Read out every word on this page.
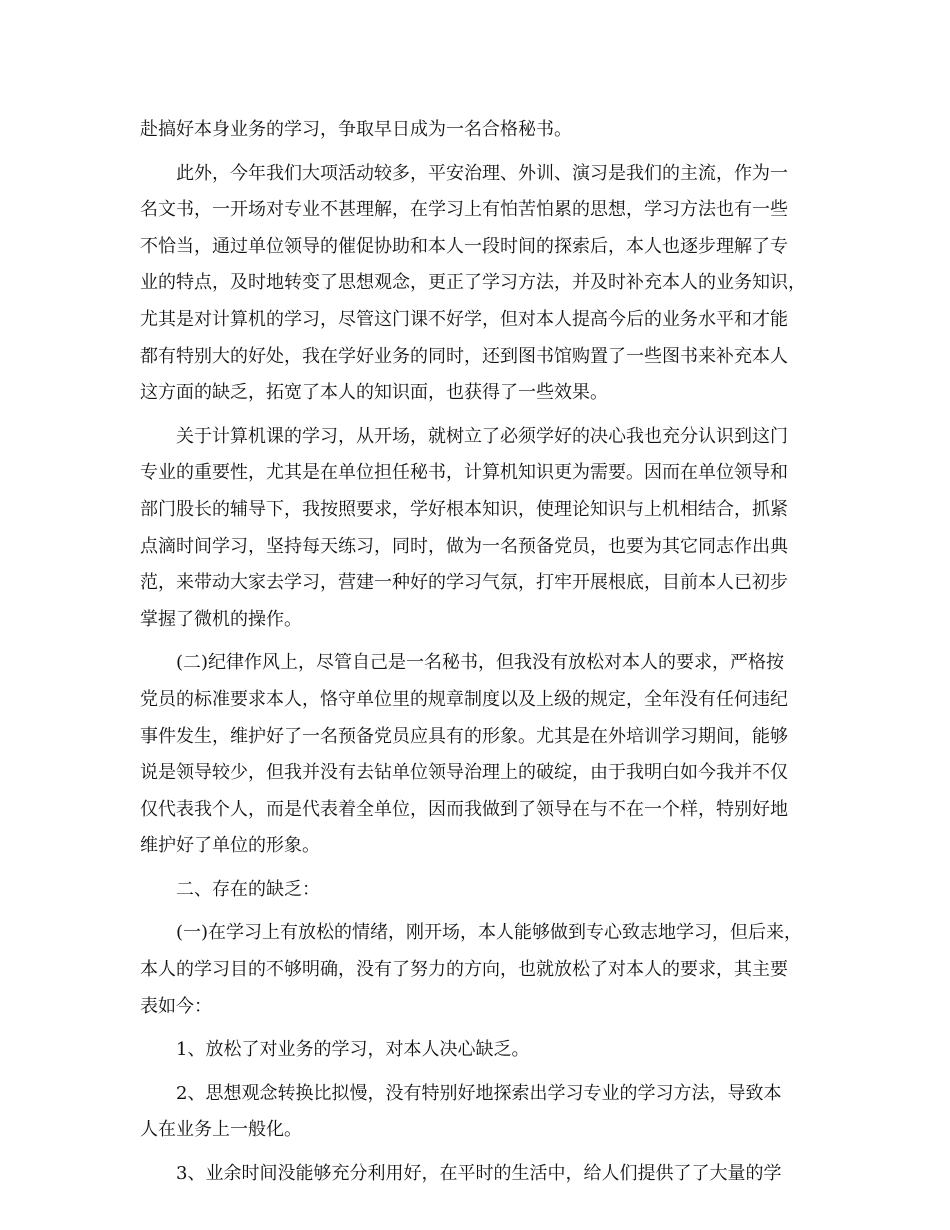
赴搞好本身业务的学习，争取早日成为一名合格秘书。

此外，今年我们大项活动较多，平安治理、外训、演习是我们的主流，作为一

名文书，一开场对专业不甚理解，在学习上有怕苦怕累的思想，学习方法也有一些

不恰当，通过单位领导的催促协助和本人一段时间的探索后，本人也逐步理解了专

业的特点，及时地转变了思想观念，更正了学习方法，并及时补充本人的业务知识，

尤其是对计算机的学习，尽管这门课不好学，但对本人提高今后的业务水平和才能

都有特别大的好处，我在学好业务的同时，还到图书馆购置了一些图书来补充本人

这方面的缺乏，拓宽了本人的知识面，也获得了一些效果。

关于计算机课的学习，从开场，就树立了必须学好的决心我也充分认识到这门

专业的重要性，尤其是在单位担任秘书，计算机知识更为需要。因而在单位领导和

部门股长的辅导下，我按照要求，学好根本知识，使理论知识与上机相结合，抓紧

点滴时间学习，坚持每天练习，同时，做为一名预备党员，也要为其它同志作出典

范，来带动大家去学习，营建一种好的学习气氛，打牢开展根底，目前本人已初步

掌握了微机的操作。

(二)纪律作风上，尽管自己是一名秘书，但我没有放松对本人的要求，严格按

党员的标准要求本人，恪守单位里的规章制度以及上级的规定，全年没有任何违纪

事件发生，维护好了一名预备党员应具有的形象。尤其是在外培训学习期间，能够

说是领导较少，但我并没有去钻单位领导治理上的破绽，由于我明白如今我并不仅

仅代表我个人，而是代表着全单位，因而我做到了领导在与不在一个样，特别好地

维护好了单位的形象。

二、存在的缺乏：

(一)在学习上有放松的情绪，刚开场，本人能够做到专心致志地学习，但后来，

本人的学习目的不够明确，没有了努力的方向，也就放松了对本人的要求，其主要

表如今：

1、放松了对业务的学习，对本人决心缺乏。

2、思想观念转换比拟慢，没有特别好地探索出学习专业的学习方法，导致本

人在业务上一般化。

3、业余时间没能够充分利用好，在平时的生活中，给人们提供了了大量的学
